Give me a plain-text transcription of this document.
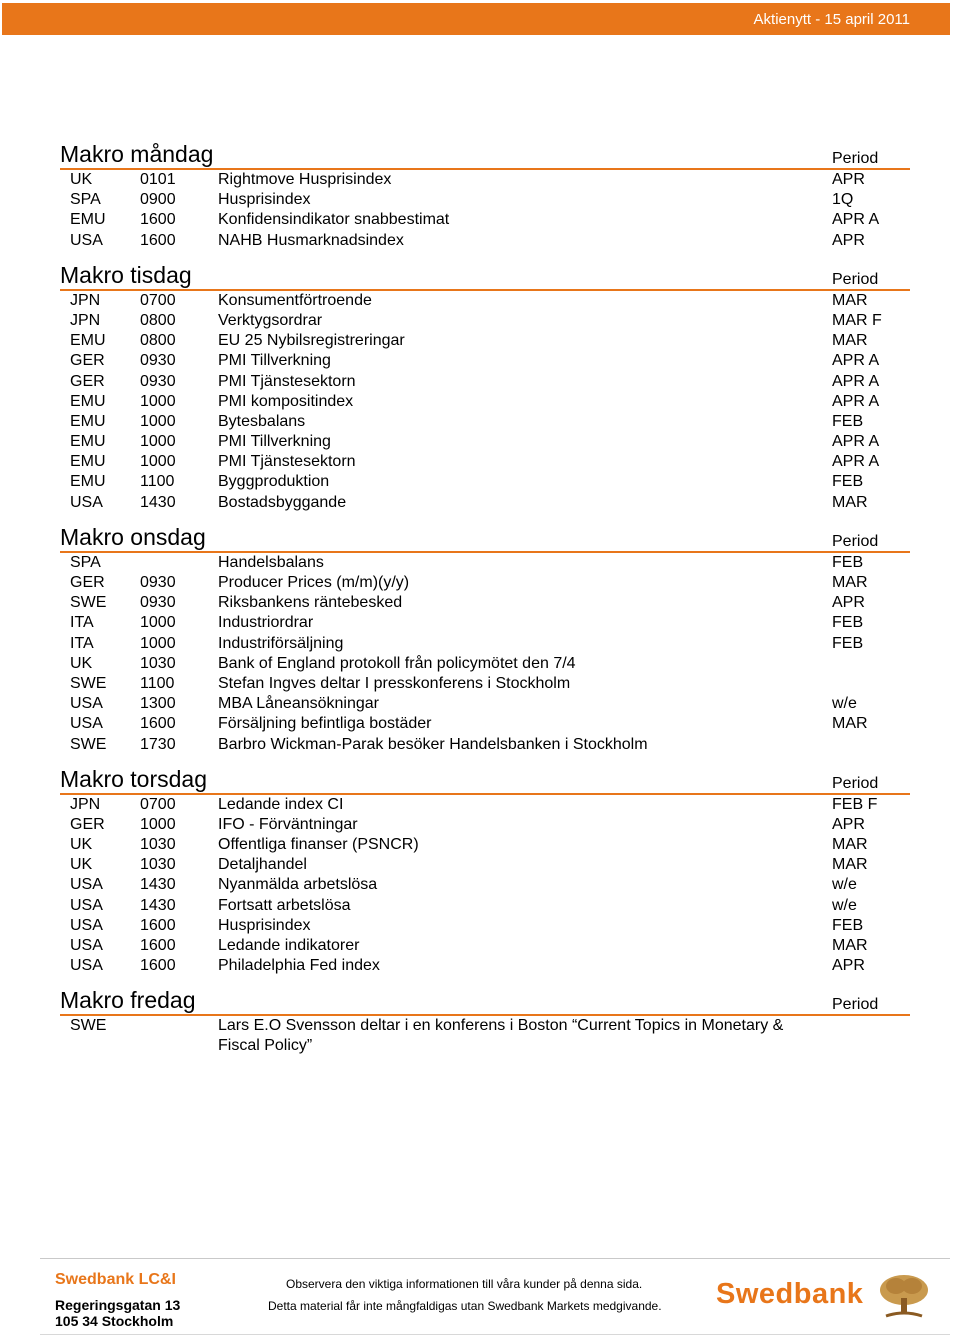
Aktienytt - 15 april 2011
Makro måndag	Period
UK	0101	Rightmove Husprisindex	APR
SPA 0900	Husprisindex	1Q
EMU 1600	Konfidensindikator snabbestimat	APR A
USA 1600	NAHB Husmarknadsindex	APR
Makro tisdag	Period
JPN 0700	Konsumentförtroende	MAR
JPN 0800	Verktygsordrar	MAR F
EMU 0800	EU 25 Nybilsregistreringar	MAR
GER 0930	PMI Tillverkning	APR A
GER 0930	PMI Tjänstesektorn	APR A
EMU 1000	PMI kompositindex	APR A
EMU 1000	Bytesbalans	FEB
EMU 1000	PMI Tillverkning	APR A
EMU 1000	PMI Tjänstesektorn	APR A
EMU 1100	Byggproduktion	FEB
USA 1430	Bostadsbyggande	MAR
Makro onsdag	Period
SPA	Handelsbalans	FEB
GER 0930	Producer Prices (m/m)(y/y)	MAR
SWE 0930	Riksbankens räntebesked	APR
ITA	1000	Industriordrar	FEB
ITA	1000	Industriförsäljning	FEB
UK	1030	Bank of England protokoll från policymötet den 7/4
SWE 1100	Stefan Ingves deltar I presskonferens i Stockholm
USA 1300	MBA Låneansökningar	w/e
USA 1600	Försäljning befintliga bostäder	MAR
SWE 1730	Barbro Wickman-Parak besöker Handelsbanken i Stockholm
Makro torsdag	Period
JPN 0700	Ledande index CI	FEB F
GER 1000	IFO - Förväntningar	APR
UK	1030	Offentliga finanser (PSNCR)	MAR
UK	1030	Detaljhandel	MAR
USA 1430	Nyanmälda arbetslösa	w/e
USA 1430	Fortsatt arbetslösa	w/e
USA 1600	Husprisindex	FEB
USA 1600	Ledande indikatorer	MAR
USA 1600	Philadelphia Fed index	APR
Makro fredag	Period
SWE	Lars E.O Svensson deltar i en konferens i Boston “Current Topics in Monetary & Fiscal Policy”
Swedbank LC&I
Regeringsgatan 13
105 34 Stockholm
Observera den viktiga informationen till våra kunder på denna sida.
Detta material får inte mångfaldigas utan Swedbank Markets medgivande. Swedbank
